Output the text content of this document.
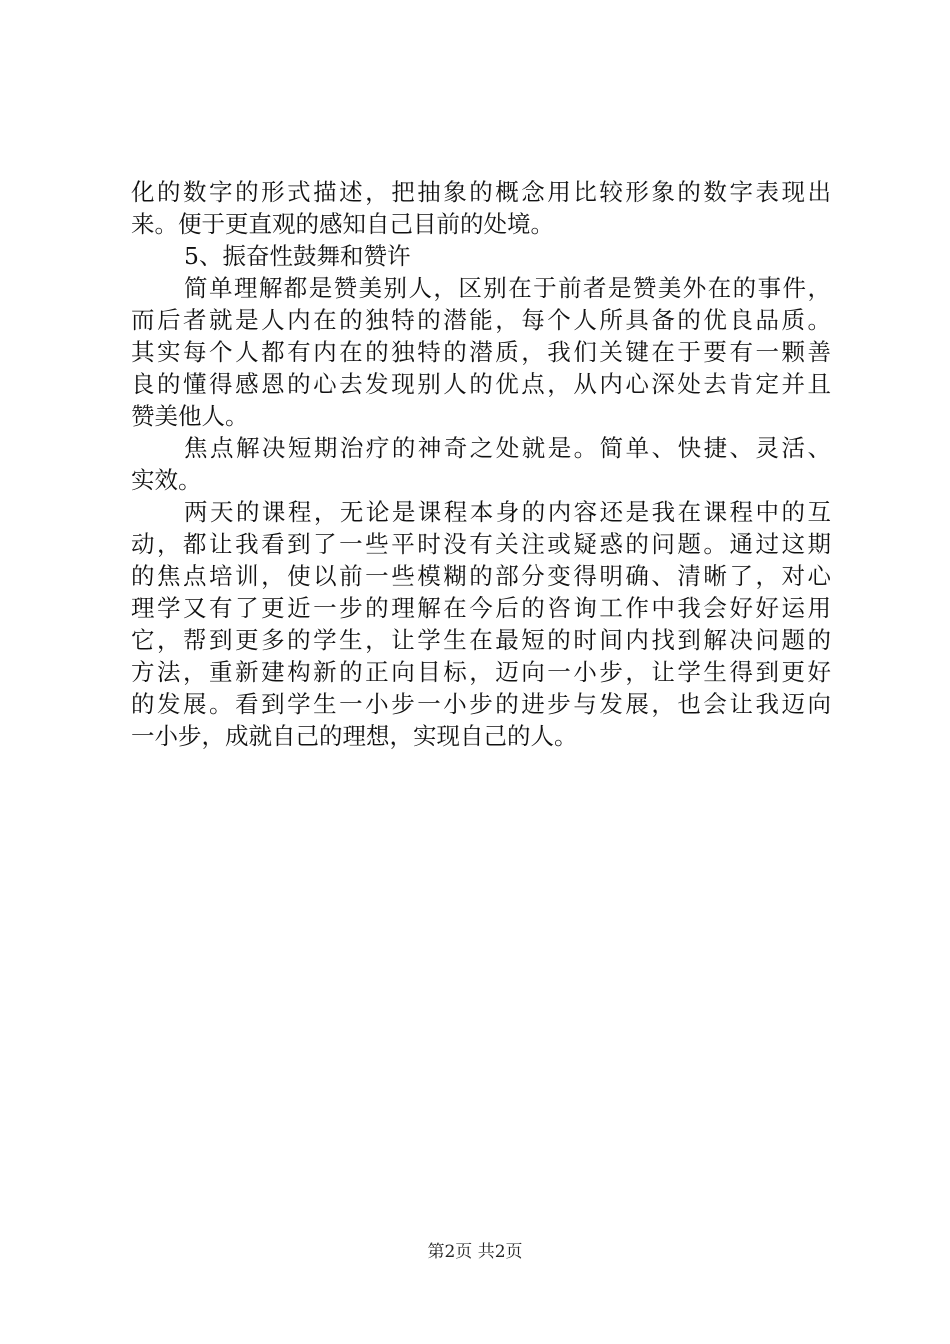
化的数字的形式描述，把抽象的概念用比较形象的数字表现出
来。便于更直观的感知自己目前的处境。
5、振奋性鼓舞和赞许
简单理解都是赞美别人，区别在于前者是赞美外在的事件，
而后者就是人内在的独特的潜能，每个人所具备的优良品质。
其实每个人都有内在的独特的潜质，我们关键在于要有一颗善
良的懂得感恩的心去发现别人的优点，从内心深处去肯定并且
赞美他人。
焦点解决短期治疗的神奇之处就是。简单、快捷、灵活、
实效。
两天的课程，无论是课程本身的内容还是我在课程中的互
动，都让我看到了一些平时没有关注或疑惑的问题。通过这期
的焦点培训，使以前一些模糊的部分变得明确、清晰了，对心
理学又有了更近一步的理解在今后的咨询工作中我会好好运用
它，帮到更多的学生，让学生在最短的时间内找到解决问题的
方法，重新建构新的正向目标，迈向一小步，让学生得到更好
的发展。看到学生一小步一小步的进步与发展，也会让我迈向
一小步，成就自己的理想，实现自己的人。
第2页 共2页
